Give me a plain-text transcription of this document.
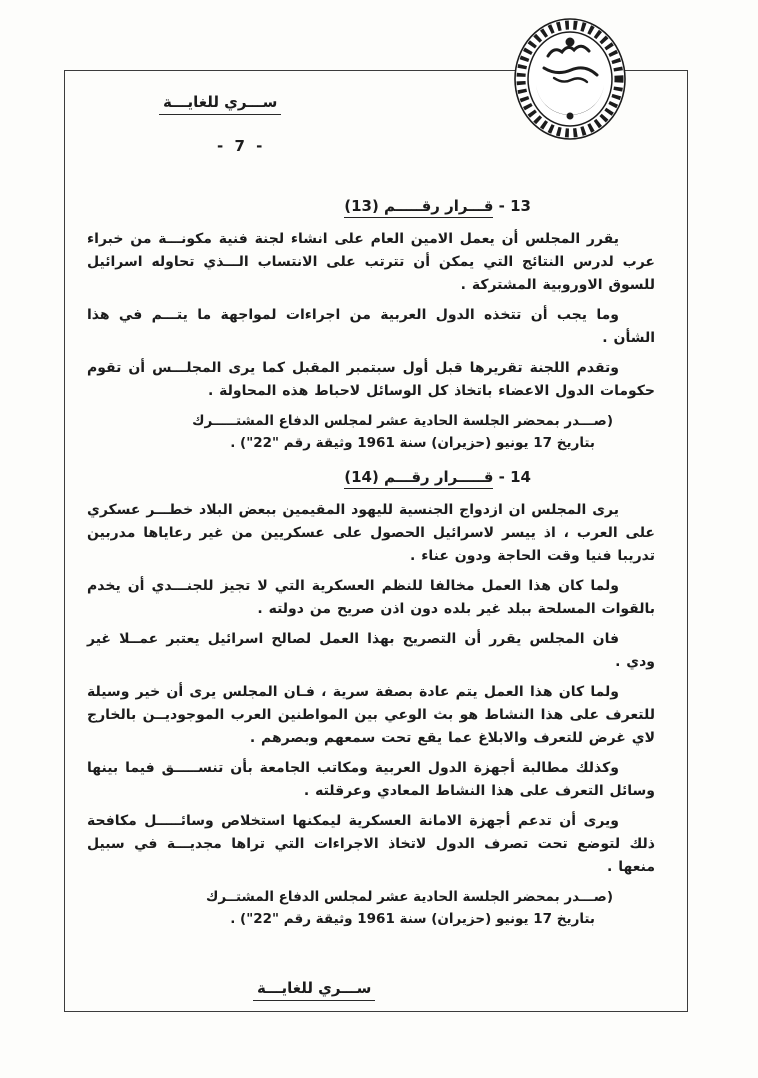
ســـري للغايـــة
- 7 -
13 - قـــرار رقـــــم (13)

يقرر المجلس أن يعمل الامين العام على انشاء لجنة فنية مكونـــة من خبراء عرب لدرس النتائج التي يمكن أن تترتب على الانتساب الـــذي تحاوله اسرائيل للسوق الاوروبية المشتركة .

وما يجب أن تتخذه الدول العربية من اجراءات لمواجهة ما يتـــم في هذا الشأن .

وتقدم اللجنة تقريرها قبل أول سبتمبر المقبل كما يرى المجلـــس أن تقوم حكومات الدول الاعضاء باتخاذ كل الوسائل لاحباط هذه المحاولة .

(صـــدر بمحضر الجلسة الحادية عشر لمجلس الدفاع المشتـــــرك
بتاريخ 17 يونيو (حزيران) سنة 1961 وثيقة رقم "22") .
14 - قـــــرار رقـــم (14)

يرى المجلس ان ازدواج الجنسية لليهود المقيمين ببعض البلاد خطـــر عسكري على العرب ، اذ ييسر لاسرائيل الحصول على عسكريين من غير رعاياها مدربين تدريبا فنيا وقت الحاجة ودون عناء .

ولما كان هذا العمل مخالفا للنظم العسكرية التي لا تجيز للجنـــدي أن يخدم بالقوات المسلحة ببلد غير بلده دون اذن صريح من دولته .

فان المجلس يقرر أن التصريح بهذا العمل لصالح اسرائيل يعتبر عمــلا غير ودي .

ولما كان هذا العمل يتم عادة بصفة سرية ، فـان المجلس يرى أن خير وسيلة للتعرف على هذا النشاط هو بث الوعي بين المواطنين العرب الموجوديــن بالخارج لاي غرض للتعرف والابلاغ عما يقع تحت سمعهم وبصرهم .

وكذلك مطالبة أجهزة الدول العربية ومكاتب الجامعة بأن تنســـــق فيما بينها وسائل التعرف على هذا النشاط المعادي وعرقلته .

ويرى أن تدعم أجهزة الامانة العسكرية ليمكنها استخلاص وسائـــــل مكافحة ذلك لتوضع تحت تصرف الدول لاتخاذ الاجراءات التي تراها مجديـــة في سبيل منعها .

(صـــدر بمحضر الجلسة الحادية عشر لمجلس الدفاع المشتــرك
بتاريخ 17 يونيو (حزيران) سنة 1961 وثيقة رقم "22") .
ســـري للغايـــة
